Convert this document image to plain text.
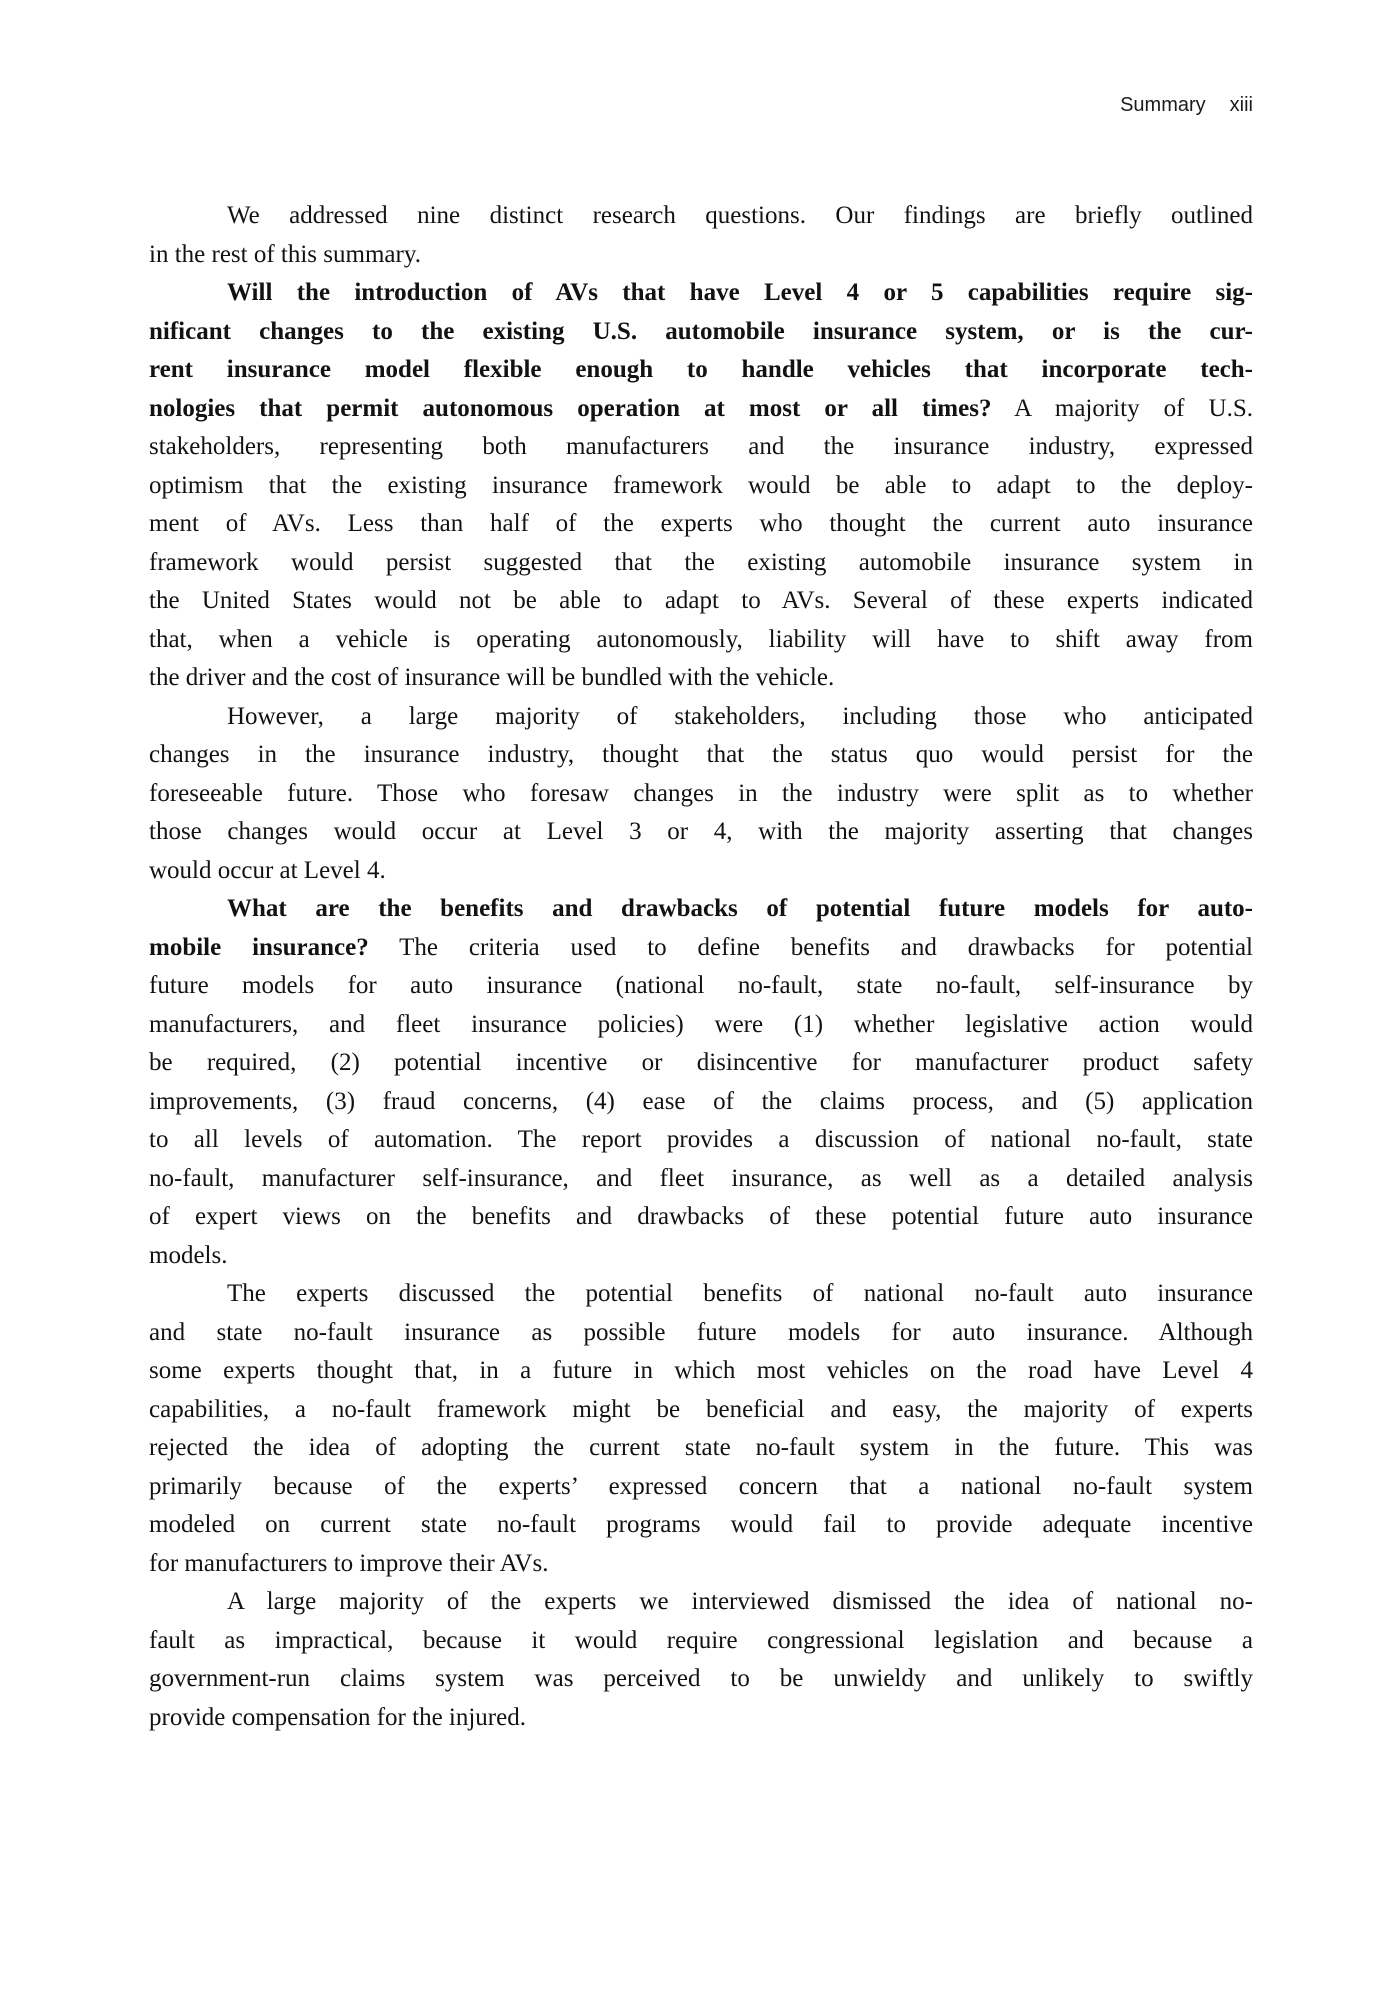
Summary xiii
We addressed nine distinct research questions. Our findings are briefly outlined
in the rest of this summary.
Will the introduction of AVs that have Level 4 or 5 capabilities require sig-
nificant changes to the existing U.S. automobile insurance system, or is the cur-
rent insurance model flexible enough to handle vehicles that incorporate tech-
nologies that permit autonomous operation at most or all times? A majority of U.S.
stakeholders, representing both manufacturers and the insurance industry, expressed
optimism that the existing insurance framework would be able to adapt to the deploy-
ment of AVs. Less than half of the experts who thought the current auto insurance
framework would persist suggested that the existing automobile insurance system in
the United States would not be able to adapt to AVs. Several of these experts indicated
that, when a vehicle is operating autonomously, liability will have to shift away from
the driver and the cost of insurance will be bundled with the vehicle.
However, a large majority of stakeholders, including those who anticipated
changes in the insurance industry, thought that the status quo would persist for the
foreseeable future. Those who foresaw changes in the industry were split as to whether
those changes would occur at Level 3 or 4, with the majority asserting that changes
would occur at Level 4.
What are the benefits and drawbacks of potential future models for auto-
mobile insurance? The criteria used to define benefits and drawbacks for potential
future models for auto insurance (national no-fault, state no-fault, self-insurance by
manufacturers, and fleet insurance policies) were (1) whether legislative action would
be required, (2) potential incentive or disincentive for manufacturer product safety
improvements, (3) fraud concerns, (4) ease of the claims process, and (5) application
to all levels of automation. The report provides a discussion of national no-fault, state
no-fault, manufacturer self-insurance, and fleet insurance, as well as a detailed analysis
of expert views on the benefits and drawbacks of these potential future auto insurance
models.
The experts discussed the potential benefits of national no-fault auto insurance
and state no-fault insurance as possible future models for auto insurance. Although
some experts thought that, in a future in which most vehicles on the road have Level 4
capabilities, a no-fault framework might be beneficial and easy, the majority of experts
rejected the idea of adopting the current state no-fault system in the future. This was
primarily because of the experts’ expressed concern that a national no-fault system
modeled on current state no-fault programs would fail to provide adequate incentive
for manufacturers to improve their AVs.
A large majority of the experts we interviewed dismissed the idea of national no-
fault as impractical, because it would require congressional legislation and because a
government-run claims system was perceived to be unwieldy and unlikely to swiftly
provide compensation for the injured.
